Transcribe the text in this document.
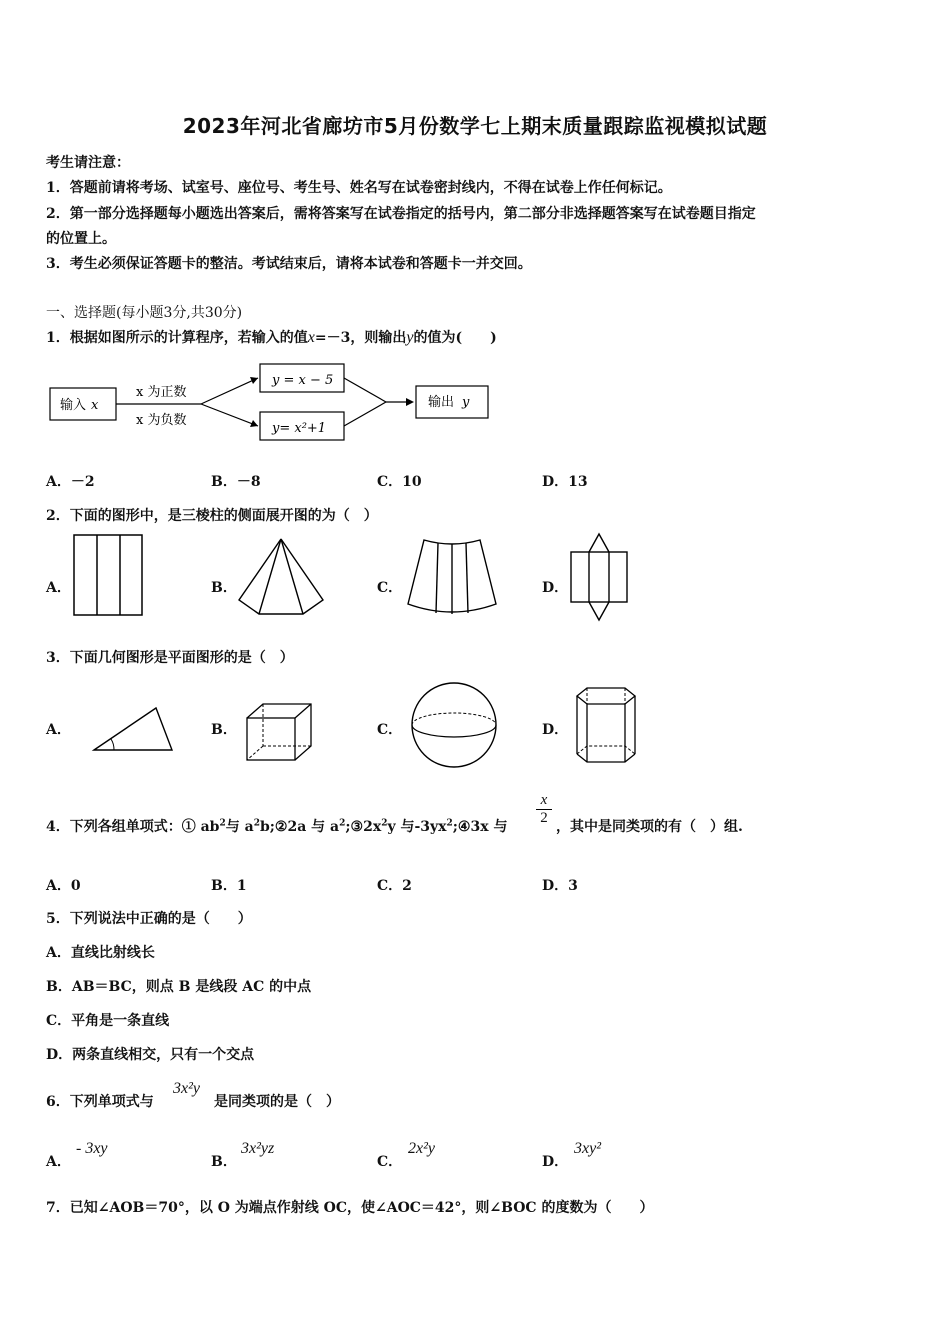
2023年河北省廊坊市5月份数学七上期末质量跟踪监视模拟试题
考生请注意：
1．答题前请将考场、试室号、座位号、考生号、姓名写在试卷密封线内，不得在试卷上作任何标记。
2．第一部分选择题每小题选出答案后，需将答案写在试卷指定的括号内，第二部分非选择题答案写在试卷题目指定
的位置上。
3．考生必须保证答题卡的整洁。考试结束后，请将本试卷和答题卡一并交回。
一、选择题(每小题3分,共30分)
1．根据如图所示的计算程序，若输入的值x=－3，则输出y的值为(　　)
输入 x
x 为正数
x 为负数
y = x − 5
y= x²+1
输出 y
A．－2	B．－8	C．10	D．13
2．下面的图形中，是三棱柱的侧面展开图的为（　）
A．	B．	C．	D．
3．下面几何图形是平面图形的是（　）
A．	B．	C．	D．
4．下列各组单项式：① $ab^2$与 $a^2b;②2a$ 与 $a^2;③2x^2y$ 与$-3yx^2;④3x$ 与
x
2
，其中是同类项的有（　）组.
A．0	B．1	C．2	D．3
5．下列说法中正确的是（　　）
A．直线比射线长
B．AB＝BC，则点 B 是线段 AC 的中点
C．平角是一条直线
D．两条直线相交，只有一个交点
6．下列单项式与
3x²y
是同类项的是（　）
A．
- 3xy
B．
3x²yz
C．
2x²y
D．
3xy²
7．已知∠AOB＝70°，以 O 为端点作射线 OC，使∠AOC＝42°，则∠BOC 的度数为（　　）
